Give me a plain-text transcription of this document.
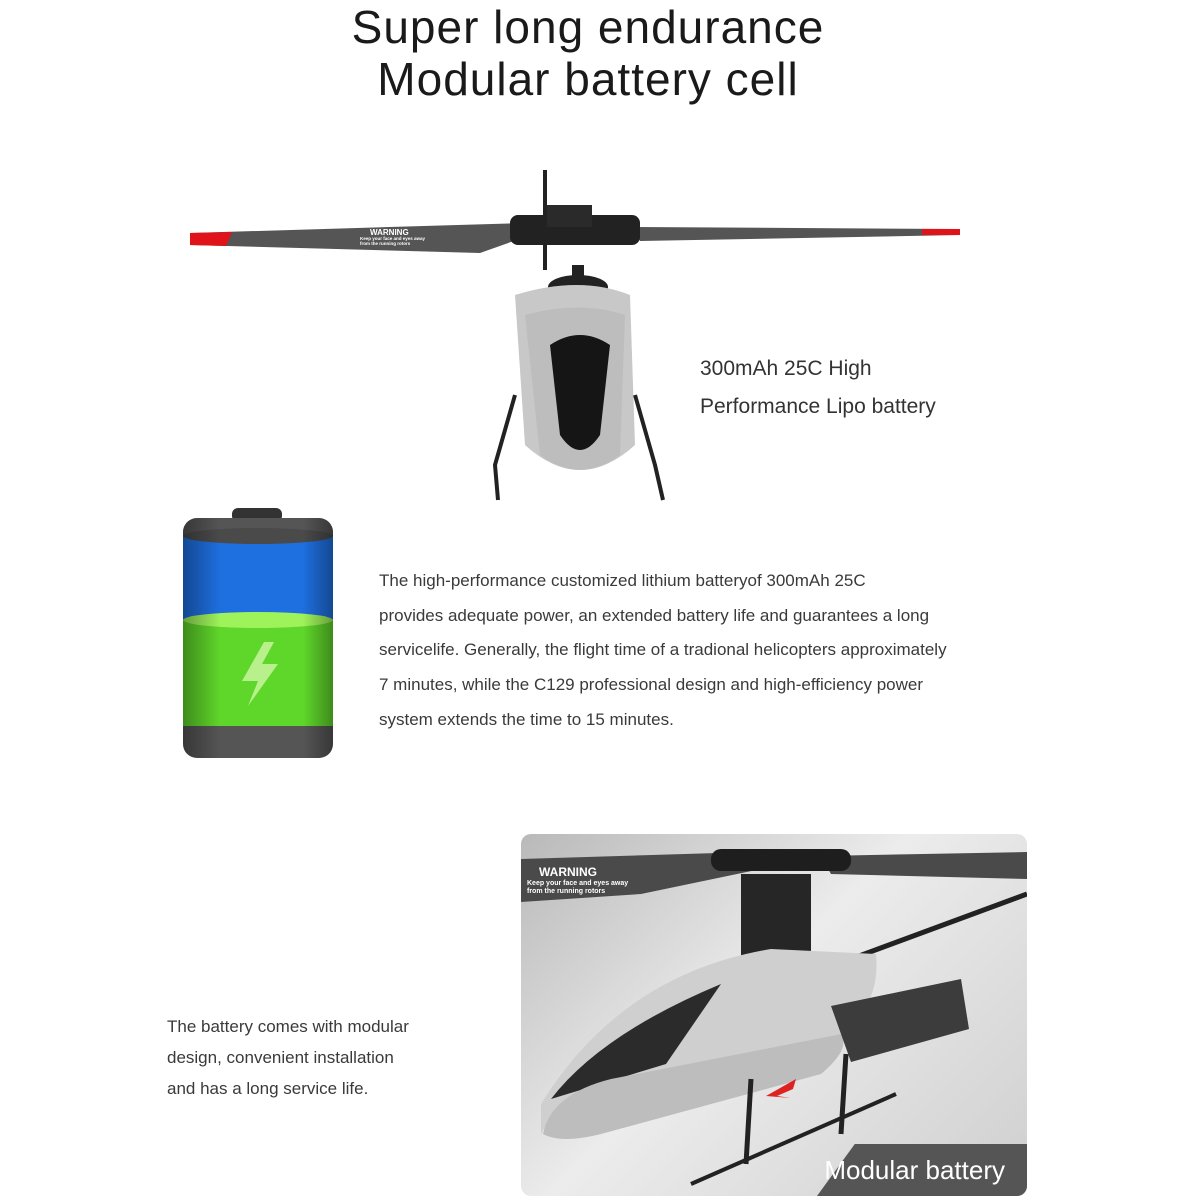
Super long endurance
Modular battery cell
WARNING
Keep your face and eyes away
from the running rotors
300mAh 25C High
Performance Lipo battery
The high-performance customized lithium batteryof 300mAh 25C
provides adequate power, an extended battery life and guarantees a long
servicelife. Generally, the flight time of a tradional helicopters approximately
7 minutes, while the C129 professional design and high-efficiency power
system extends the time to 15 minutes.
The battery comes with modular
design, convenient installation
and has a long service life.
WARNING
Keep your face and eyes away
from the running rotors
Modular battery
